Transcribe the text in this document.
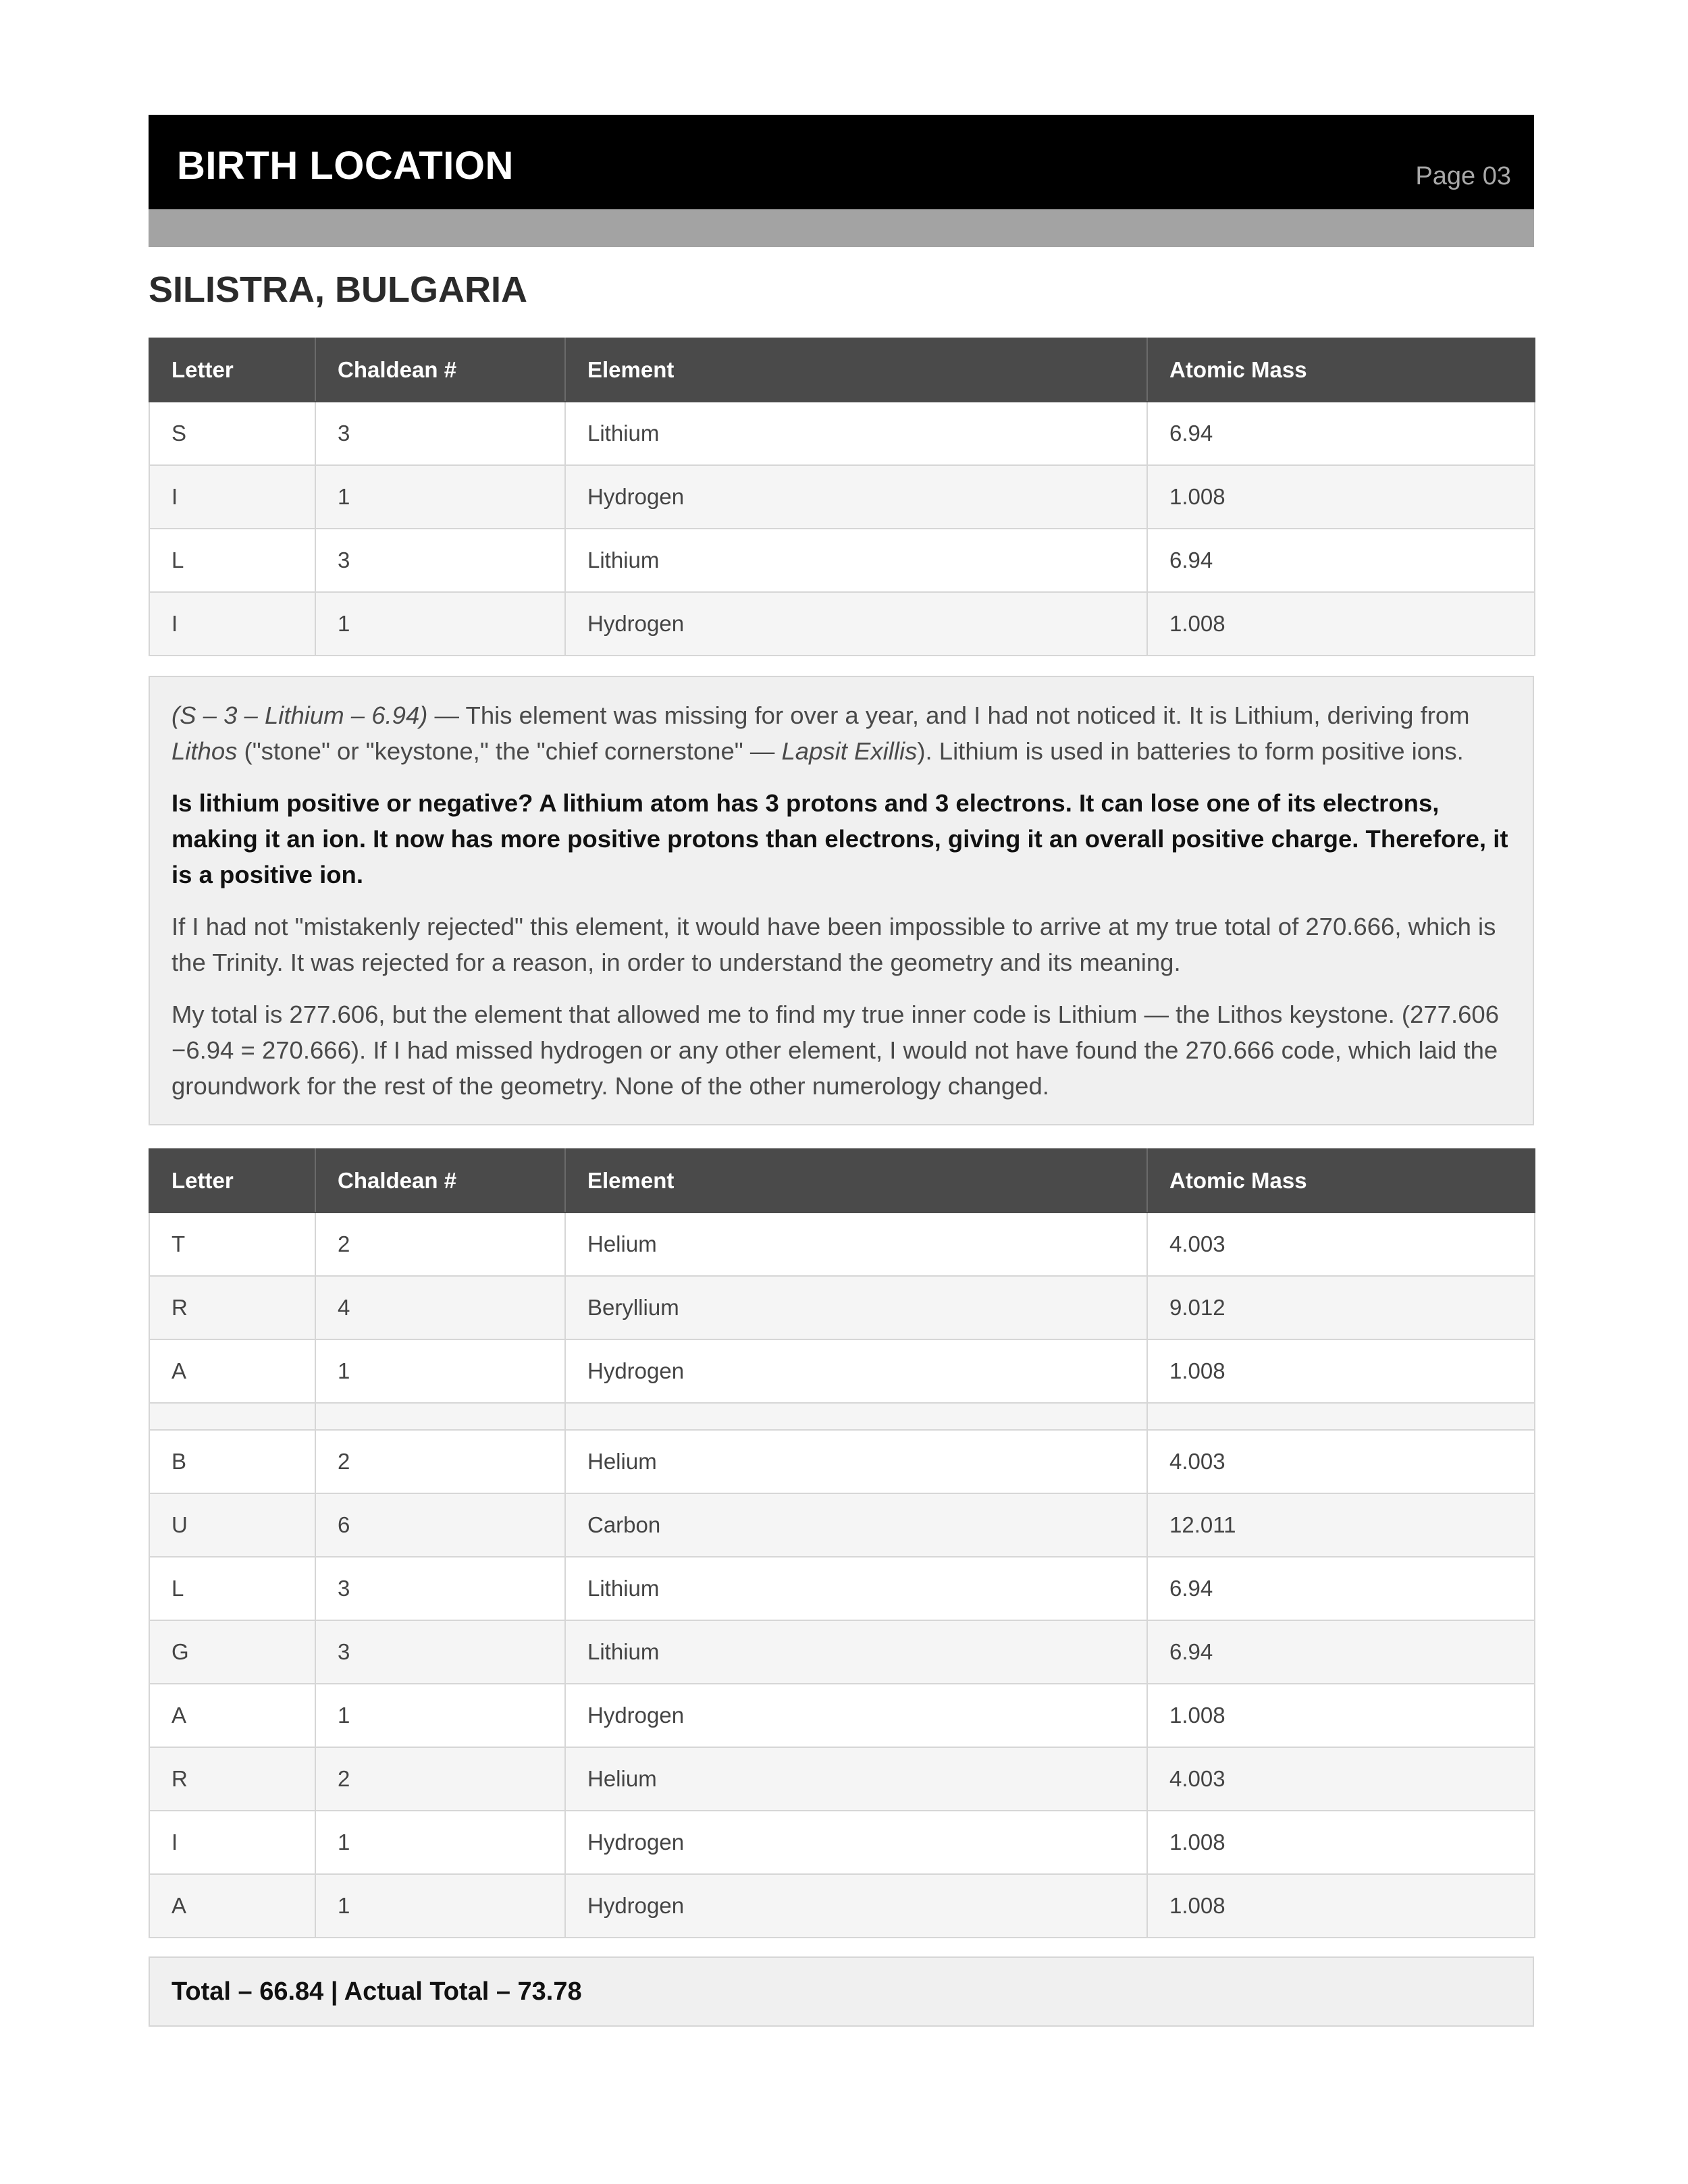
BIRTH LOCATION	Page 03
SILISTRA, BULGARIA
Letter	Chaldean #	Element	Atomic Mass
S	3	Lithium	6.94
I	1	Hydrogen	1.008
L	3	Lithium	6.94
I	1	Hydrogen	1.008

(S – 3 – Lithium – 6.94) — This element was missing for over a year, and I had not noticed it. It is Lithium, deriving from Lithos ("stone" or "keystone," the "chief cornerstone" — Lapsit Exillis). Lithium is used in batteries to form positive ions.

Is lithium positive or negative? A lithium atom has 3 protons and 3 electrons. It can lose one of its electrons, making it an ion. It now has more positive protons than electrons, giving it an overall positive charge. Therefore, it is a positive ion.

If I had not "mistakenly rejected" this element, it would have been impossible to arrive at my true total of 270.666, which is the Trinity. It was rejected for a reason, in order to understand the geometry and its meaning.

My total is 277.606, but the element that allowed me to find my true inner code is Lithium — the Lithos keystone. (277.606 −6.94 = 270.666). If I had missed hydrogen or any other element, I would not have found the 270.666 code, which laid the groundwork for the rest of the geometry. None of the other numerology changed.

Letter	Chaldean #	Element	Atomic Mass
T	2	Helium	4.003
R	4	Beryllium	9.012
A	1	Hydrogen	1.008

B	2	Helium	4.003
U	6	Carbon	12.011
L	3	Lithium	6.94
G	3	Lithium	6.94
A	1	Hydrogen	1.008
R	2	Helium	4.003
I	1	Hydrogen	1.008
A	1	Hydrogen	1.008
Total – 66.84 | Actual Total – 73.78
